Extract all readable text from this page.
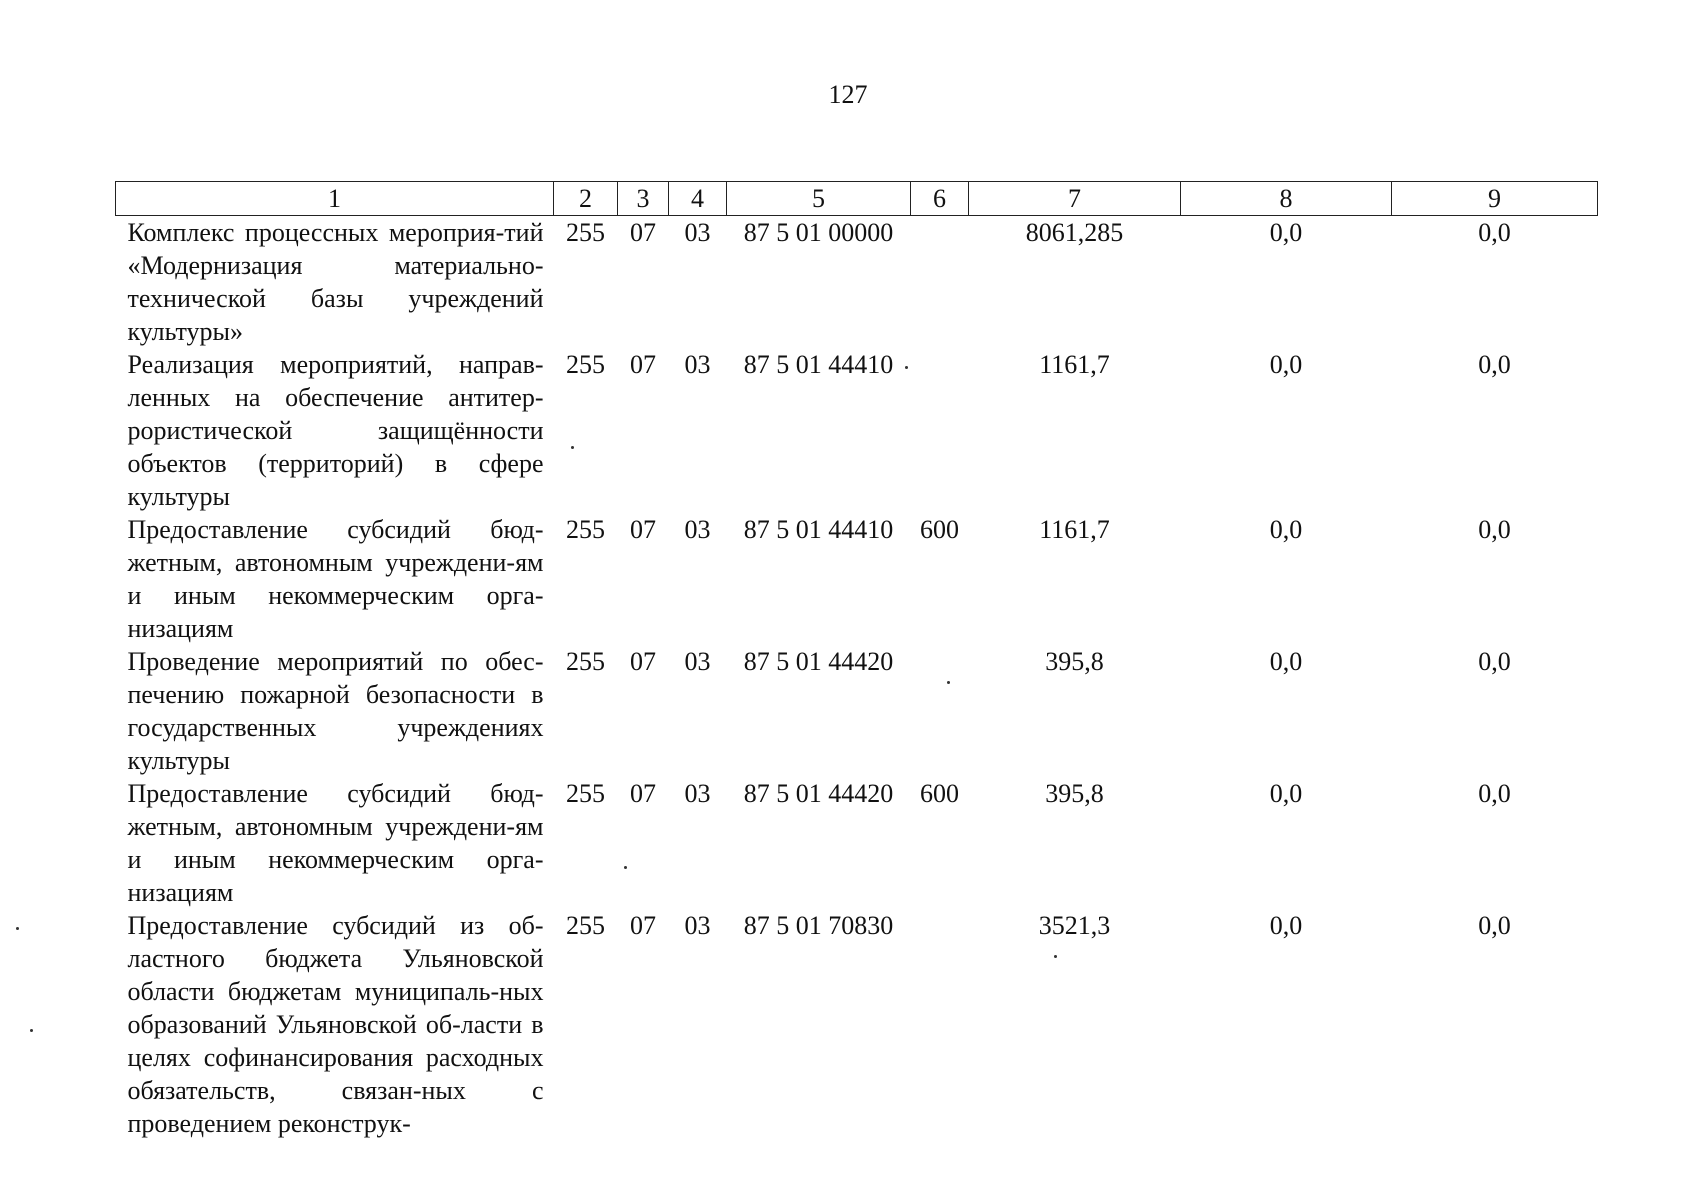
127
1	2	3	4	5	6	7	8	9
Комплекс процессных мероприя-тий «Модернизация материально-технической базы учреждений культуры»	255	07	03	87 5 01 00000		8061,285	0,0	0,0
Реализация мероприятий, направ-ленных на обеспечение антитер-рористической защищённости объектов (территорий) в сфере культуры	255	07	03	87 5 01 44410		1161,7	0,0	0,0
Предоставление субсидий бюд-жетным, автономным учреждени-ям и иным некоммерческим орга-низациям	255	07	03	87 5 01 44410	600	1161,7	0,0	0,0
Проведение мероприятий по обес-печению пожарной безопасности в государственных учреждениях культуры	255	07	03	87 5 01 44420		395,8	0,0	0,0
Предоставление субсидий бюд-жетным, автономным учреждени-ям и иным некоммерческим орга-низациям	255	07	03	87 5 01 44420	600	395,8	0,0	0,0
Предоставление субсидий из об-ластного бюджета Ульяновской области бюджетам муниципаль-ных образований Ульяновской об-ласти в целях софинансирования расходных обязательств, связан-ных с проведением реконструк-	255	07	03	87 5 01 70830		3521,3	0,0	0,0
